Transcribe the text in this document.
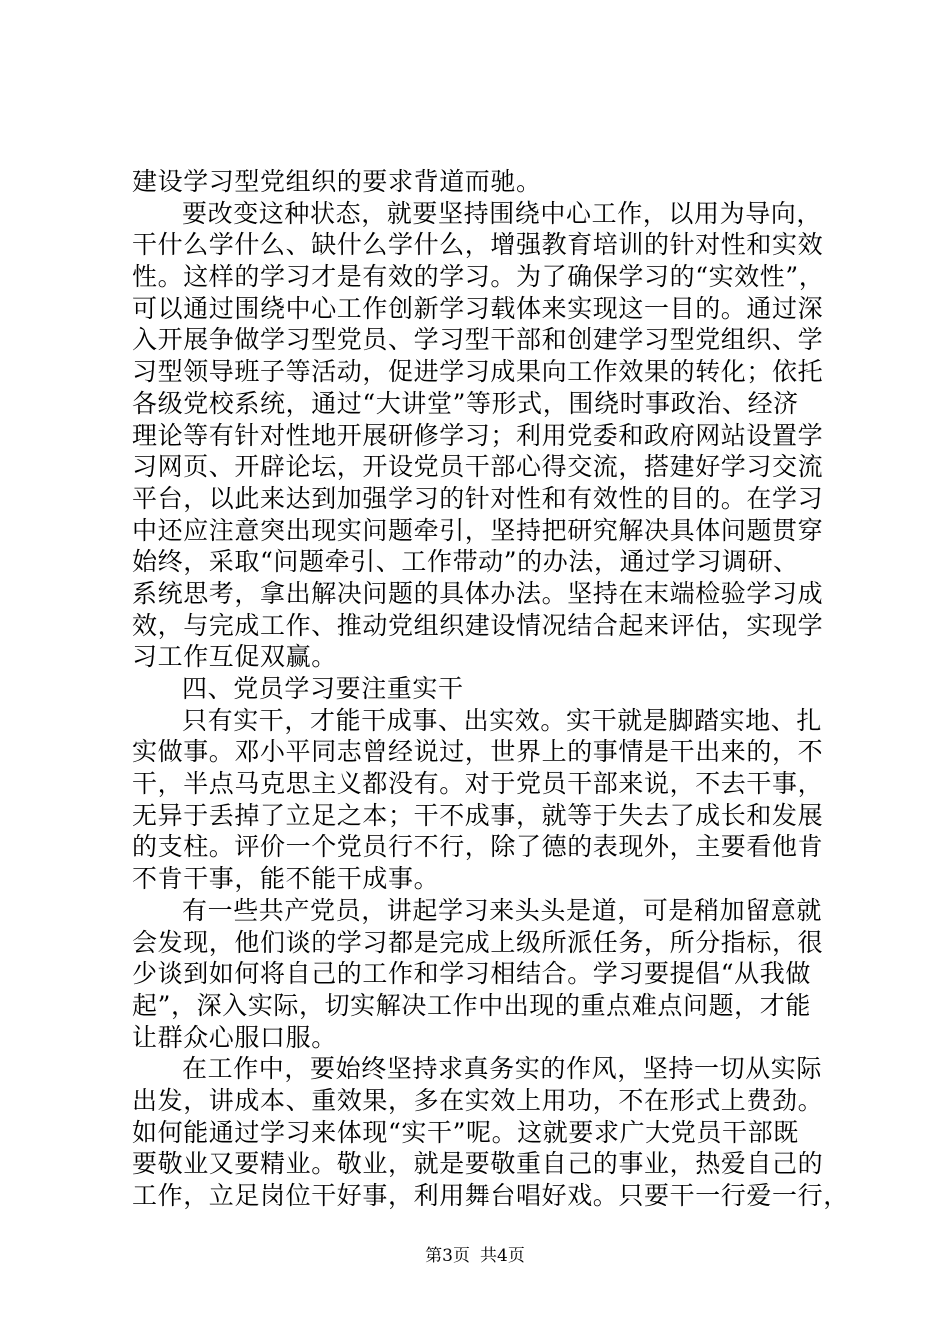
建设学习型党组织的要求背道而驰。
要改变这种状态，就要坚持围绕中心工作，以用为导向，
干什么学什么、缺什么学什么，增强教育培训的针对性和实效
性。这样的学习才是有效的学习。为了确保学习的“实效性”，
可以通过围绕中心工作创新学习载体来实现这一目的。通过深
入开展争做学习型党员、学习型干部和创建学习型党组织、学
习型领导班子等活动，促进学习成果向工作效果的转化；依托
各级党校系统，通过“大讲堂”等形式，围绕时事政治、经济
理论等有针对性地开展研修学习；利用党委和政府网站设置学
习网页、开辟论坛，开设党员干部心得交流，搭建好学习交流
平台，以此来达到加强学习的针对性和有效性的目的。在学习
中还应注意突出现实问题牵引，坚持把研究解决具体问题贯穿
始终，采取“问题牵引、工作带动”的办法，通过学习调研、
系统思考，拿出解决问题的具体办法。坚持在末端检验学习成
效，与完成工作、推动党组织建设情况结合起来评估，实现学
习工作互促双赢。
四、党员学习要注重实干
只有实干，才能干成事、出实效。实干就是脚踏实地、扎
实做事。邓小平同志曾经说过，世界上的事情是干出来的，不
干，半点马克思主义都没有。对于党员干部来说，不去干事，
无异于丢掉了立足之本；干不成事，就等于失去了成长和发展
的支柱。评价一个党员行不行，除了德的表现外，主要看他肯
不肯干事，能不能干成事。
有一些共产党员，讲起学习来头头是道，可是稍加留意就
会发现，他们谈的学习都是完成上级所派任务，所分指标，很
少谈到如何将自己的工作和学习相结合。学习要提倡“从我做
起”，深入实际，切实解决工作中出现的重点难点问题，才能
让群众心服口服。
在工作中，要始终坚持求真务实的作风，坚持一切从实际
出发，讲成本、重效果，多在实效上用功，不在形式上费劲。
如何能通过学习来体现“实干”呢。这就要求广大党员干部既
要敬业又要精业。敬业，就是要敬重自己的事业，热爱自己的
工作，立足岗位干好事，利用舞台唱好戏。只要干一行爱一行，
第3页 共4页
